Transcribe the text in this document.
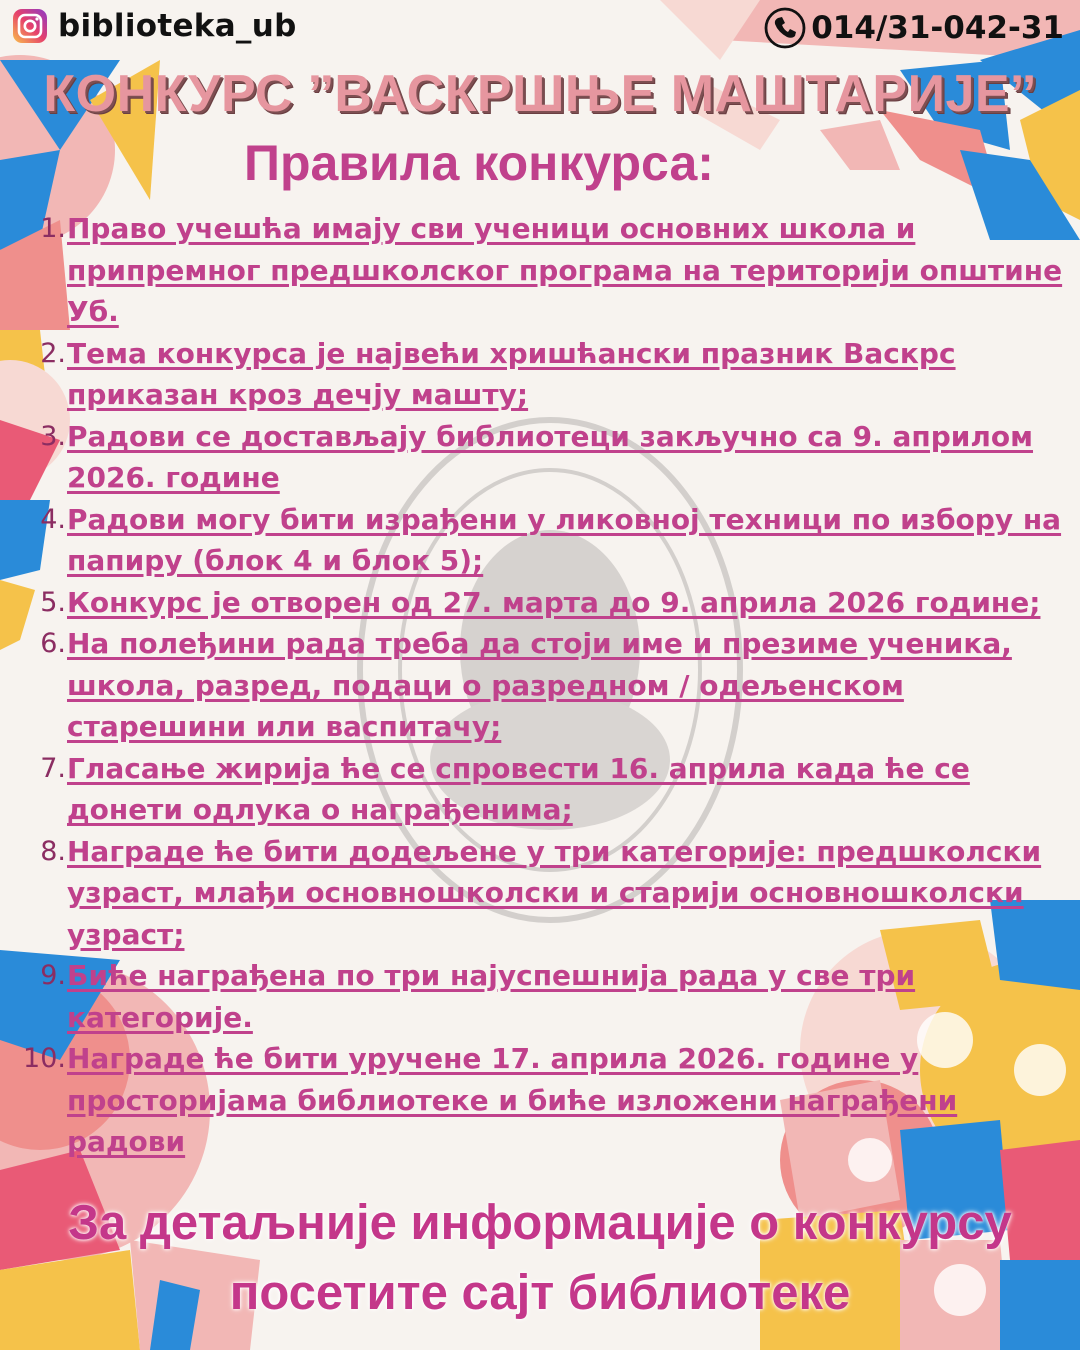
biblioteka_ub	014/31-042-31
КОНКУРС ˮВАСКРШЊЕ МАШТАРИЈЕˮ
Правила конкурса:
1. Право учешћа имају сви ученици основних школа и припремног предшколског програма на територији општине Уб.
2. Тема конкурса је највећи хришћански празник Васкрс приказан кроз дечју машту;
3. Радови се достављају библиотеци закључно са 9. априлом 2026. године
4. Радови могу бити израђени у ликовној техници по избору на папиру (блок 4 и блок 5);
5. Конкурс је отворен од 27. марта до 9. априла 2026 године;
6. На полеђини рада треба да стоји име и презиме ученика, школа, разред, подаци о разредном / одељенском старешини или васпитачу;
7. Гласање жирија ће се спровести 16. априла када ће се донети одлука о награђенима;
8. Награде ће бити додељене у три категорије: предшколски узраст, млађи основношколски и старији основношколски узраст;
9. Биће награђена по три најуспешнија рада у све три категорије.
10. Награде ће бити уручене 17. априла 2026. године у просторијама библиотеке и биће изложени награђени радови
За детаљније информације о конкурсу
посетите сајт библиотеке
